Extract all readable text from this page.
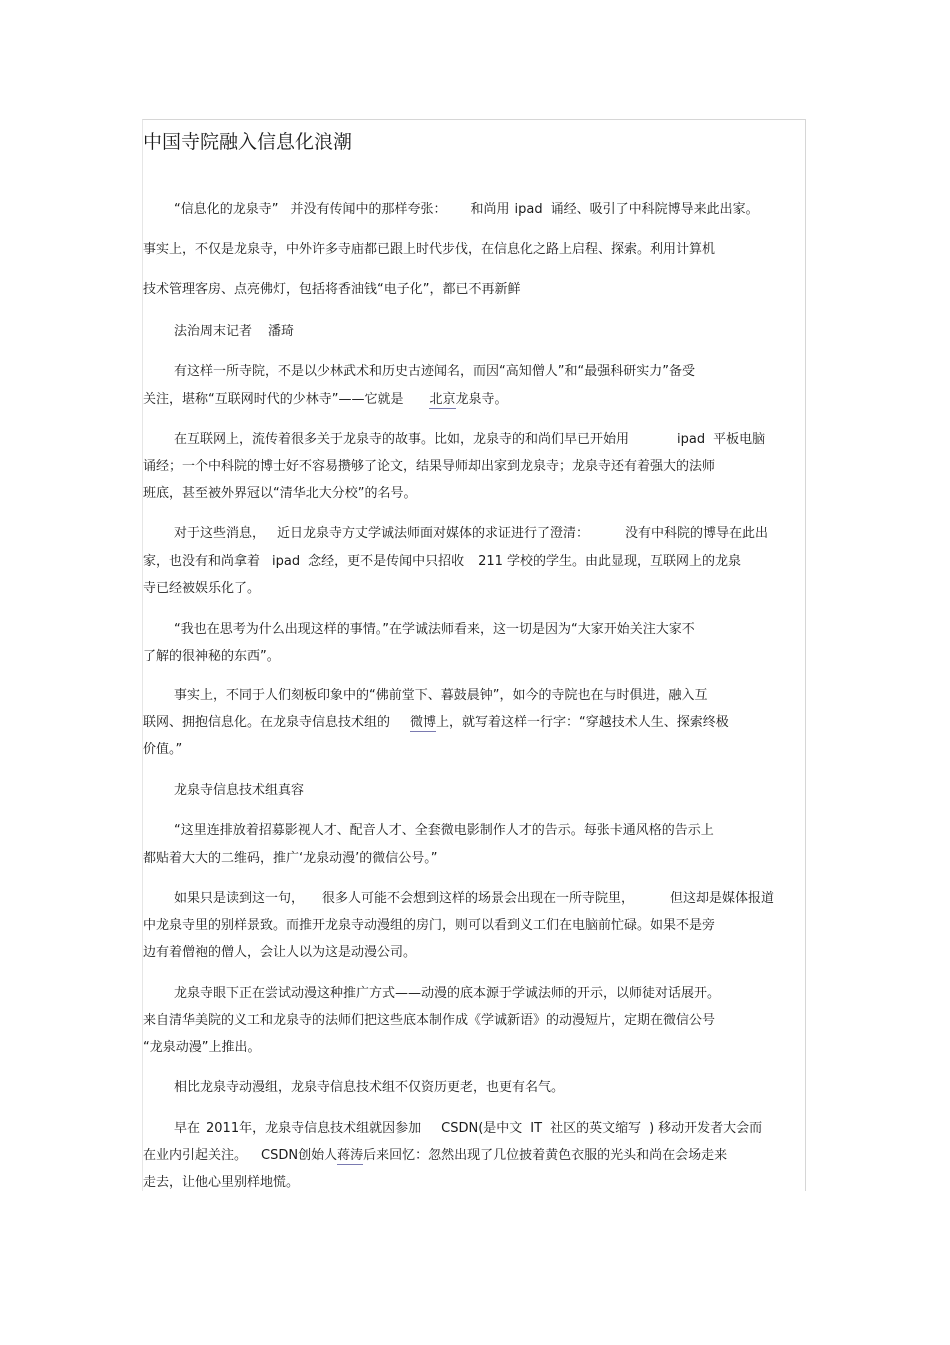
中国寺院融入信息化浪潮
“信息化的龙泉寺” 并没有传闻中的那样夸张： 和尚用 ipad 诵经、吸引了中科院博导来此出家。
事实上，不仅是龙泉寺，中外许多寺庙都已跟上时代步伐，在信息化之路上启程、探索。利用计算机
技术管理客房、点亮佛灯，包括将香油钱“电子化”，都已不再新鲜
法治周末记者 潘琦
有这样一所寺院，不是以少林武术和历史古迹闻名，而因“高知僧人”和“最强科研实力”备受
关注，堪称“互联网时代的少林寺”——它就是 北京龙泉寺。
在互联网上，流传着很多关于龙泉寺的故事。比如，龙泉寺的和尚们早已开始用	ipad 平板电脑
诵经；一个中科院的博士好不容易攒够了论文，结果导师却出家到龙泉寺；龙泉寺还有着强大的法师
班底，甚至被外界冠以“清华北大分校”的名号。
对于这些消息， 近日龙泉寺方丈学诚法师面对媒体的求证进行了澄清：	没有中科院的博导在此出
家，也没有和尚拿着 ipad 念经，更不是传闻中只招收 211 学校的学生。由此显现，互联网上的龙泉
寺已经被娱乐化了。
“我也在思考为什么出现这样的事情。”在学诚法师看来，这一切是因为“大家开始关注大家不
了解的很神秘的东西”。
事实上，不同于人们刻板印象中的“佛前堂下、暮鼓晨钟”，如今的寺院也在与时俱进，融入互
联网、拥抱信息化。在龙泉寺信息技术组的 微博上，就写着这样一行字：“穿越技术人生、探索终极
价值。”
龙泉寺信息技术组真容
“这里连排放着招募影视人才、配音人才、全套微电影制作人才的告示。每张卡通风格的告示上
都贴着大大的二维码，推广‘龙泉动漫’的微信公号。”
如果只是读到这一句， 很多人可能不会想到这样的场景会出现在一所寺院里，	但这却是媒体报道
中龙泉寺里的别样景致。而推开龙泉寺动漫组的房门，则可以看到义工们在电脑前忙碌。如果不是旁
边有着僧袍的僧人，会让人以为这是动漫公司。
龙泉寺眼下正在尝试动漫这种推广方式——动漫的底本源于学诚法师的开示，以师徒对话展开。
来自清华美院的义工和龙泉寺的法师们把这些底本制作成《学诚新语》的动漫短片，定期在微信公号
“龙泉动漫”上推出。
相比龙泉寺动漫组，龙泉寺信息技术组不仅资历更老，也更有名气。
早在 2011年，龙泉寺信息技术组就因参加 CSDN(是中文 IT 社区的英文缩写 ) 移动开发者大会而
在业内引起关注。 CSDN创始人蒋涛后来回忆：忽然出现了几位披着黄色衣服的光头和尚在会场走来
走去，让他心里别样地慌。
